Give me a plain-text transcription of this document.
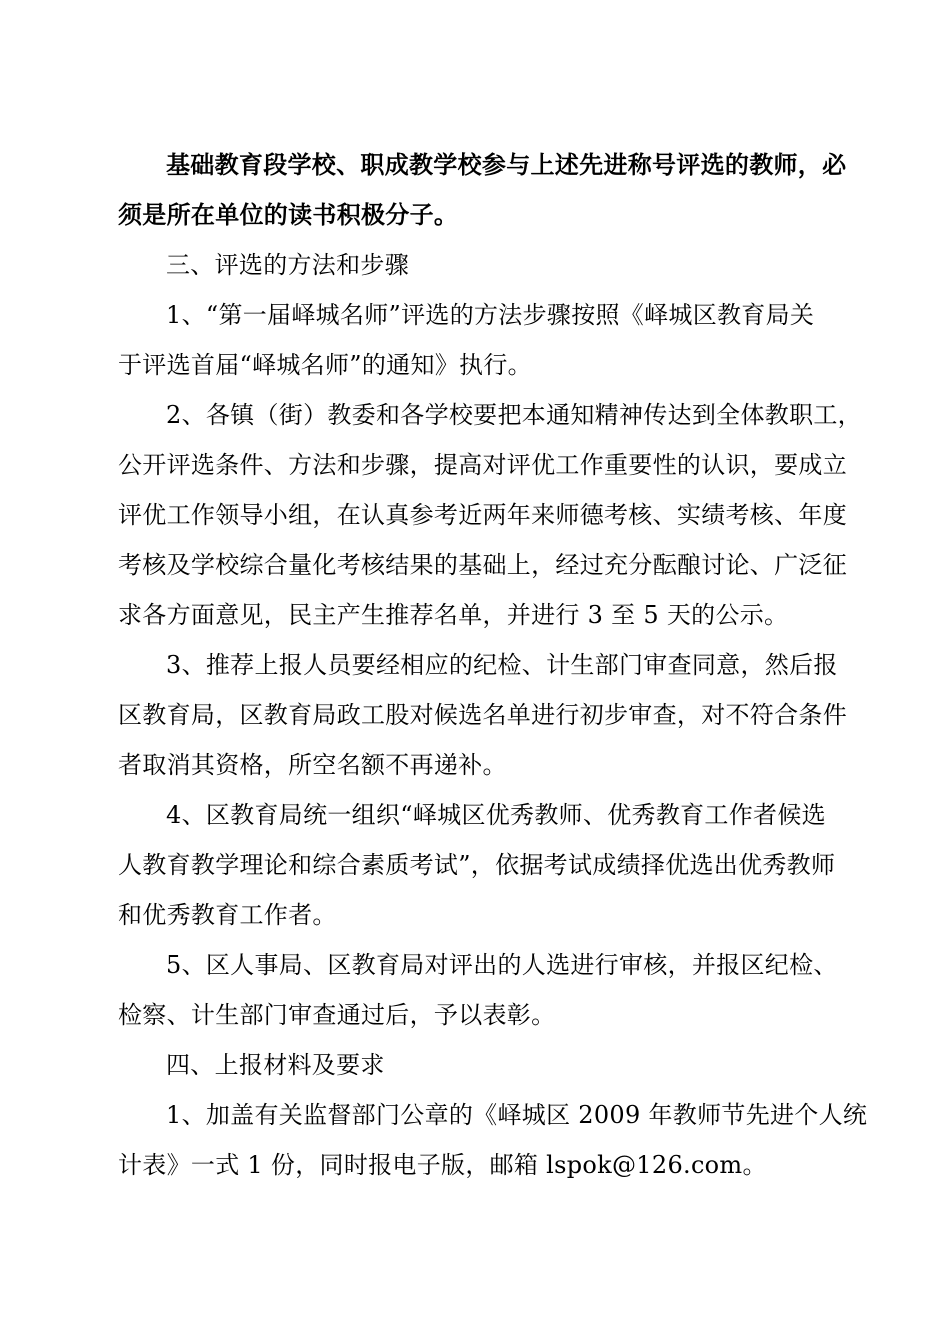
基础教育段学校、职成教学校参与上述先进称号评选的教师，必
须是所在单位的读书积极分子。
三、评选的方法和步骤
1、“第一届峄城名师”评选的方法步骤按照《峄城区教育局关
于评选首届“峄城名师”的通知》执行。
2、各镇（街）教委和各学校要把本通知精神传达到全体教职工，
公开评选条件、方法和步骤，提高对评优工作重要性的认识，要成立
评优工作领导小组，在认真参考近两年来师德考核、实绩考核、年度
考核及学校综合量化考核结果的基础上，经过充分酝酿讨论、广泛征
求各方面意见，民主产生推荐名单，并进行 3 至 5 天的公示。
3、推荐上报人员要经相应的纪检、计生部门审查同意，然后报
区教育局，区教育局政工股对候选名单进行初步审查，对不符合条件
者取消其资格，所空名额不再递补。
4、区教育局统一组织“峄城区优秀教师、优秀教育工作者候选
人教育教学理论和综合素质考试”，依据考试成绩择优选出优秀教师
和优秀教育工作者。
5、区人事局、区教育局对评出的人选进行审核，并报区纪检、
检察、计生部门审查通过后，予以表彰。
四、上报材料及要求
1、加盖有关监督部门公章的《峄城区 2009 年教师节先进个人统
计表》一式 1 份，同时报电子版，邮箱 lspok@126.com。
